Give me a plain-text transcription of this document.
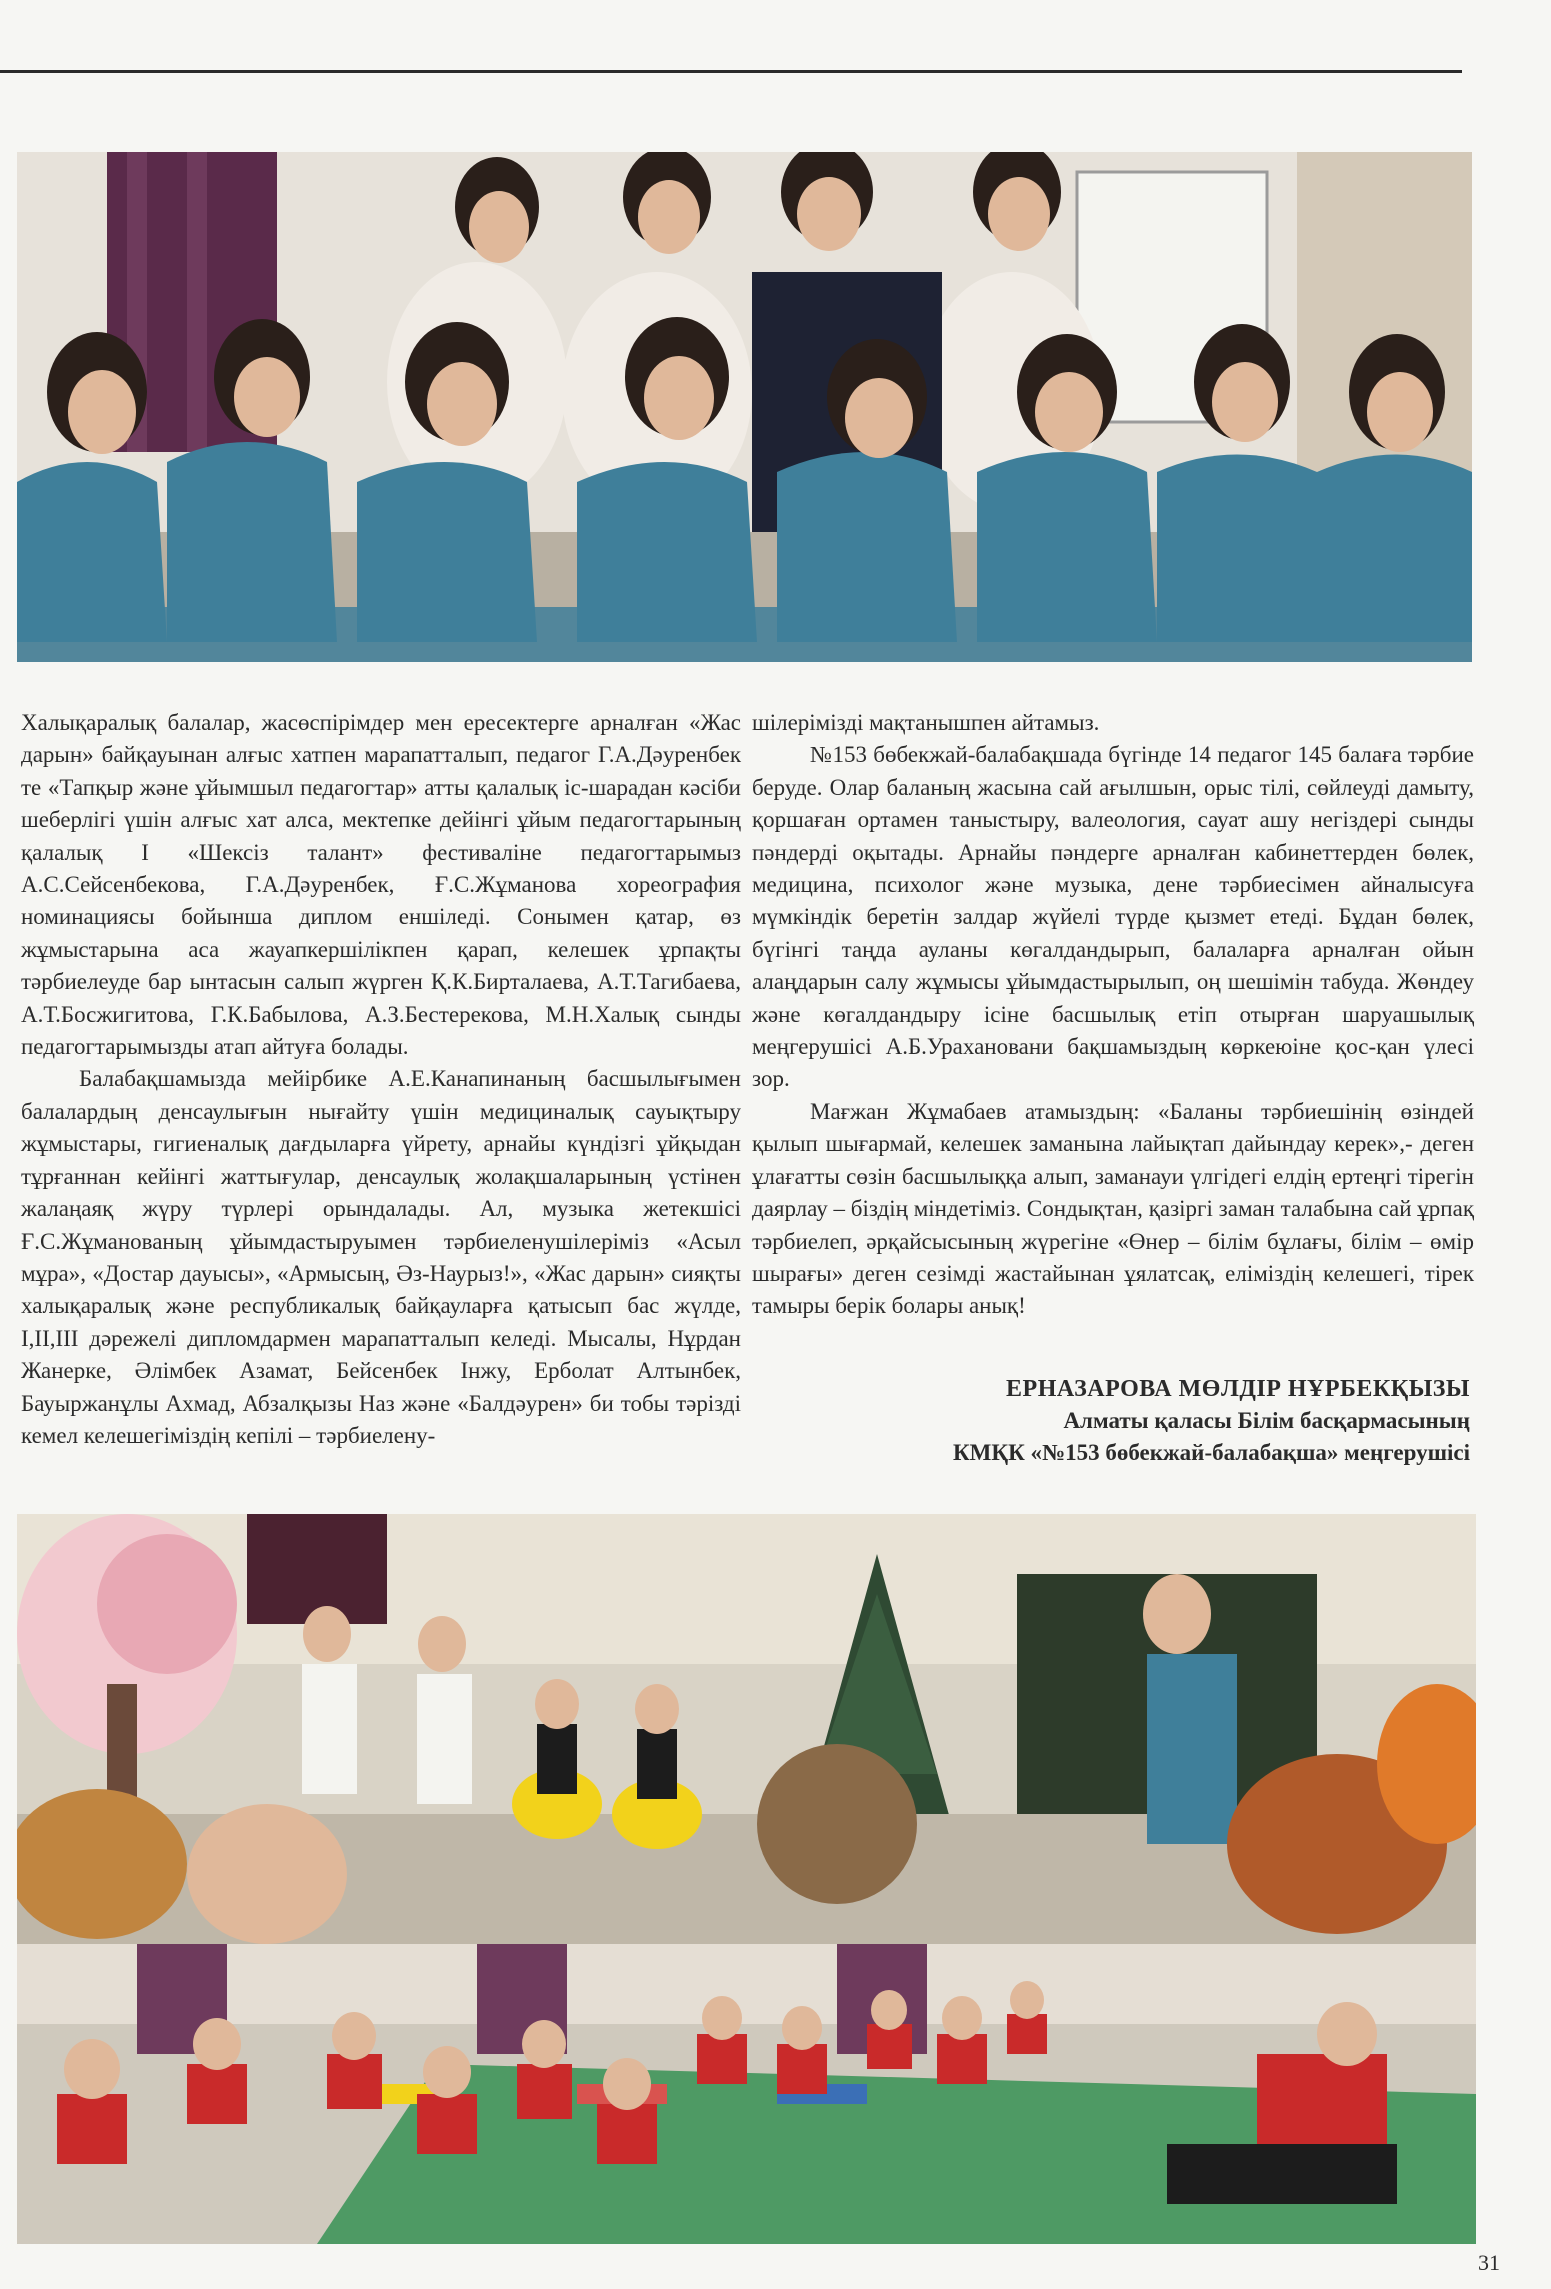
Халықаралық балалар, жасөспірімдер мен ересектерге арналған «Жас дарын» байқауынан алғыс хатпен марапатталып, педагог Г.А.Дәуренбек те «Тапқыр және ұйымшыл педагогтар» атты қалалық іс-шарадан кәсіби шеберлігі үшін алғыс хат алса, мектепке дейінгі ұйым педагогтарының қалалық I «Шексіз талант» фестиваліне педагогтарымыз А.С.Сейсенбекова, Г.А.Дәуренбек, Ғ.С.Жұманова хореография номинациясы бойынша диплом еншіледі. Сонымен қатар, өз жұмыстарына аса жауапкершілікпен қарап, келешек ұрпақты тәрбиелеуде бар ынтасын салып жүрген Қ.К.Бирталаева, А.Т.Тагибаева, А.Т.Босжигитова, Г.К.Бабылова, А.З.Бестерекова, М.Н.Халық сынды педагогтарымызды атап айтуға болады.

Балабақшамызда мейірбике А.Е.Канапинаның басшылығымен балалардың денсаулығын нығайту үшін медициналық сауықтыру жұмыстары, гигиеналық дағдыларға үйрету, арнайы күндізгі ұйқыдан тұрғаннан кейінгі жаттығулар, денсаулық жолақшаларының үстінен жалаңаяқ жүру түрлері орындалады. Ал, музыка жетекшісі Ғ.С.Жұманованың ұйымдастыруымен тәрбиеленушілеріміз «Асыл мұра», «Достар дауысы», «Армысың, Әз-Наурыз!», «Жас дарын» сияқты халықаралық және республикалық байқауларға қатысып бас жүлде, I,II,III дәрежелі дипломдармен марапатталып келеді. Мысалы, Нұрдан Жанерке, Әлімбек Азамат, Бейсенбек Інжу, Ерболат Алтынбек, Бауыржанұлы Ахмад, Абзалқызы Наз және «Балдәурен» би тобы тәрізді кемел келешегіміздің кепілі – тәрбиелену-

шілерімізді мақтанышпен айтамыз.

№153 бөбекжай-балабақшада бүгінде 14 педагог 145 балаға тәрбие беруде. Олар баланың жасына сай ағылшын, орыс тілі, сөйлеуді дамыту, қоршаған ортамен таныстыру, валеология, сауат ашу негіздері сынды пәндерді оқытады. Арнайы пәндерге арналған кабинеттерден бөлек, медицина, психолог және музыка, дене тәрбиесімен айналысуға мүмкіндік беретін залдар жүйелі түрде қызмет етеді. Бұдан бөлек, бүгінгі таңда ауланы көгалдандырып, балаларға арналған ойын алаңдарын салу жұмысы ұйымдастырылып, оң шешімін табуда. Жөндеу және көгалдандыру ісіне басшылық етіп отырған шаруашылық меңгерушісі А.Б.Урахановани бақшамыздың көркеюіне қос-қан үлесі зор.

Мағжан Жұмабаев атамыздың: «Баланы тәрбиешінің өзіндей қылып шығармай, келешек заманына лайықтап дайындау керек»,- деген ұлағатты сөзін басшылыққа алып, заманауи үлгідегі елдің ертеңгі тірегін даярлау – біздің міндетіміз. Сондықтан, қазіргі заман талабына сай ұрпақ тәрбиелеп, әрқайсысының жүрегіне «Өнер – білім бұлағы, білім – өмір шырағы» деген сезімді жастайынан ұялатсақ, еліміздің келешегі, тірек тамыры берік болары анық!

ЕРНАЗАРОВА МӨЛДІР НҰРБЕКҚЫЗЫ
Алматы қаласы Білім басқармасының
КМҚК «№153 бөбекжай-балабақша» меңгерушісі
31
